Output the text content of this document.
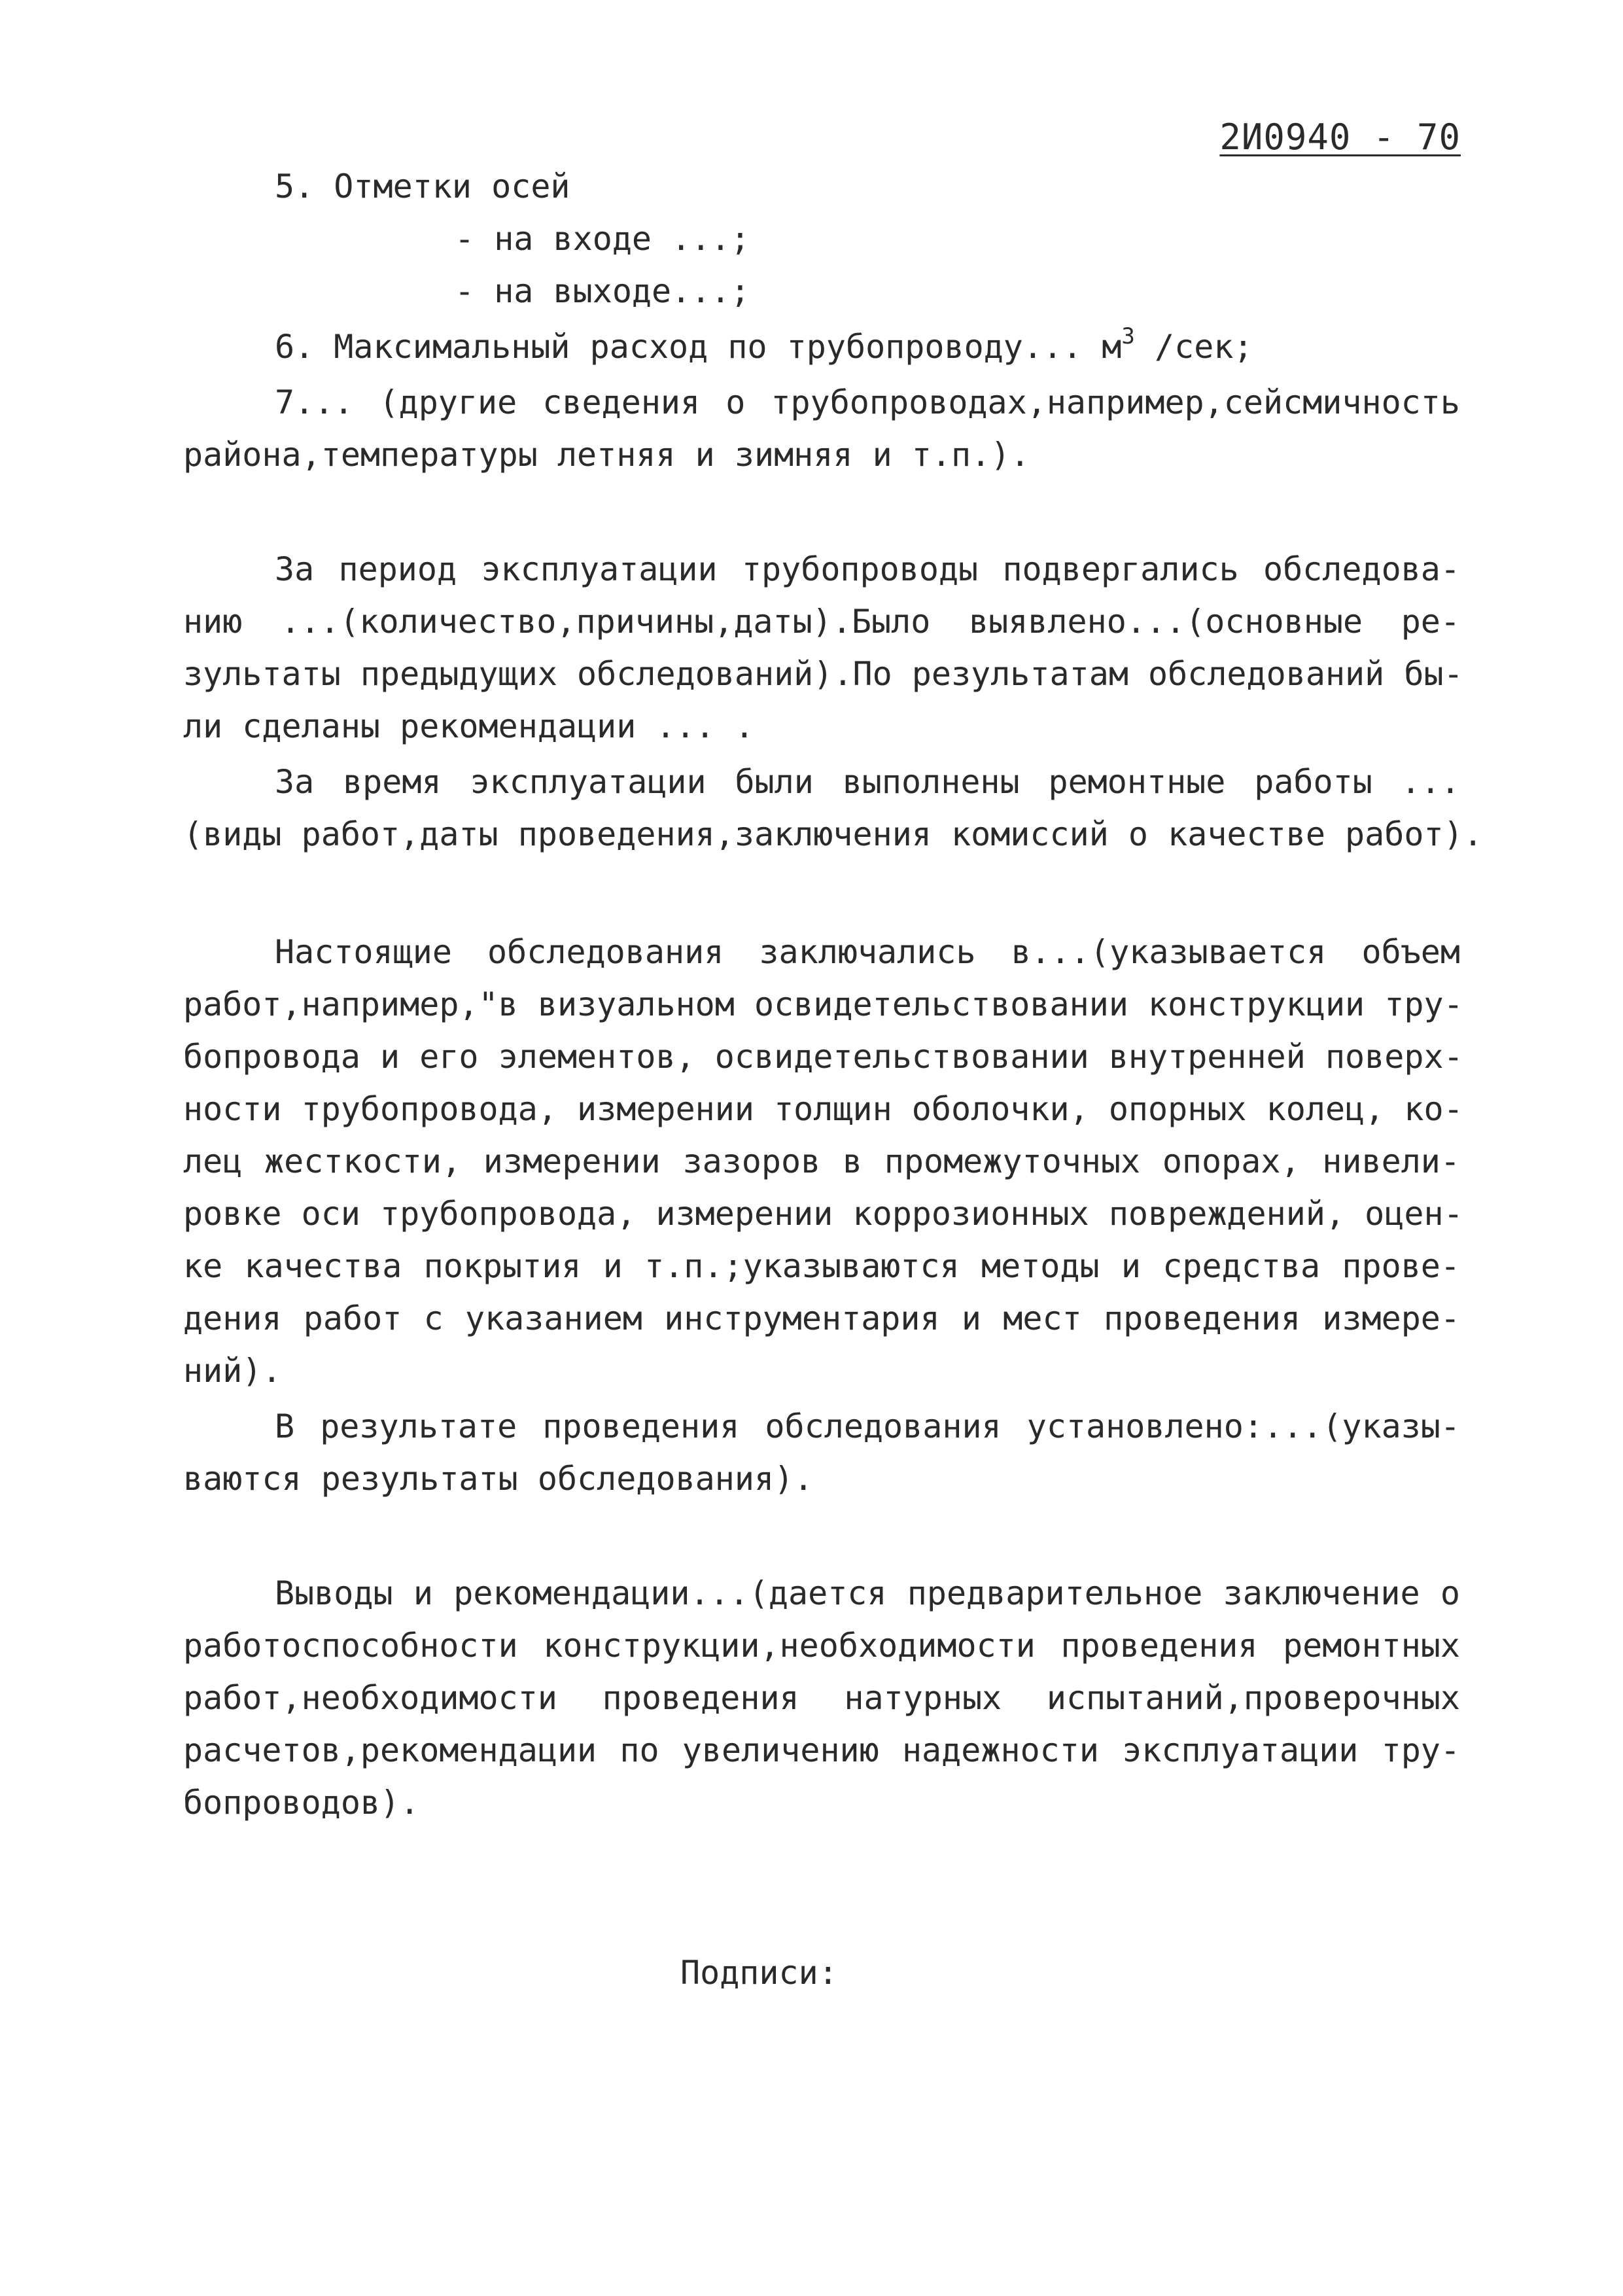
2И0940 - 70
5. Отметки осей
- на входе ...;
- на выходе...;
6. Максимальный расход по трубопроводу... $м^3$ /сек;
7... (другие сведения о трубопроводах,например,сейсмичность
района,температуры летняя и зимняя и т.п.).
За период эксплуатации трубопроводы подвергались обследова-
нию ...(количество,причины,даты).Было выявлено...(основные ре-
зультаты предыдущих обследований).По результатам обследований бы-
ли сделаны рекомендации ... .
За время эксплуатации были выполнены ремонтные работы ...
(виды работ,даты проведения,заключения комиссий о качестве работ).
Настоящие обследования заключались в...(указывается объем
работ,например,"в визуальном освидетельствовании конструкции тру-
бопровода и его элементов, освидетельствовании внутренней поверх-
ности трубопровода, измерении толщин оболочки, опорных колец, ко-
лец жесткости, измерении зазоров в промежуточных опорах, нивели-
ровке оси трубопровода, измерении коррозионных повреждений, оцен-
ке качества покрытия и т.п.;указываются методы и средства прове-
дения работ с указанием инструментария и мест проведения измере-
ний).
В результате проведения обследования установлено:...(указы-
ваются результаты обследования).
Выводы и рекомендации...(дается предварительное заключение о
работоспособности конструкции,необходимости проведения ремонтных
работ,необходимости проведения натурных испытаний,проверочных
расчетов,рекомендации по увеличению надежности эксплуатации тру-
бопроводов).
Подписи:
